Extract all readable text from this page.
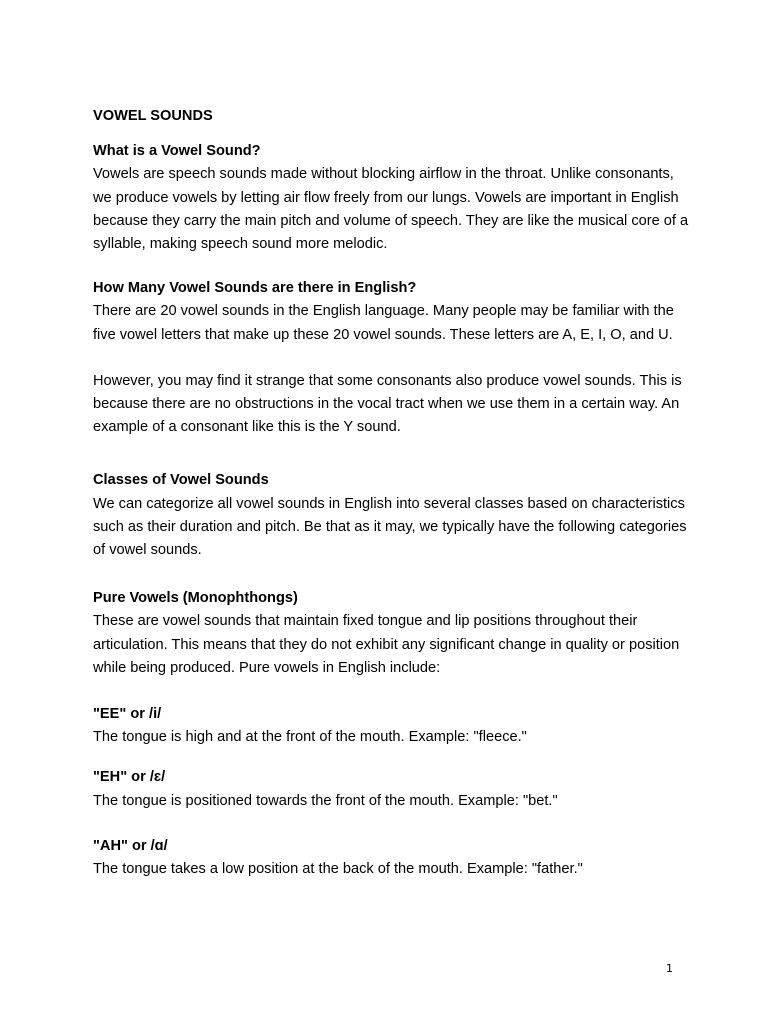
VOWEL SOUNDS

What is a Vowel Sound?

Vowels are speech sounds made without blocking airflow in the throat. Unlike consonants, we produce vowels by letting air flow freely from our lungs. Vowels are important in English because they carry the main pitch and volume of speech. They are like the musical core of a syllable, making speech sound more melodic.

How Many Vowel Sounds are there in English?

There are 20 vowel sounds in the English language. Many people may be familiar with the five vowel letters that make up these 20 vowel sounds. These letters are A, E, I, O, and U.

However, you may find it strange that some consonants also produce vowel sounds. This is because there are no obstructions in the vocal tract when we use them in a certain way. An example of a consonant like this is the Y sound.

Classes of Vowel Sounds

We can categorize all vowel sounds in English into several classes based on characteristics such as their duration and pitch. Be that as it may, we typically have the following categories of vowel sounds.

Pure Vowels (Monophthongs)

These are vowel sounds that maintain fixed tongue and lip positions throughout their articulation. This means that they do not exhibit any significant change in quality or position while being produced. Pure vowels in English include:

"EE" or /i/

The tongue is high and at the front of the mouth. Example: "fleece."

"EH" or /ɛ/

The tongue is positioned towards the front of the mouth. Example: "bet."

"AH" or /ɑ/

The tongue takes a low position at the back of the mouth. Example: "father."

1
